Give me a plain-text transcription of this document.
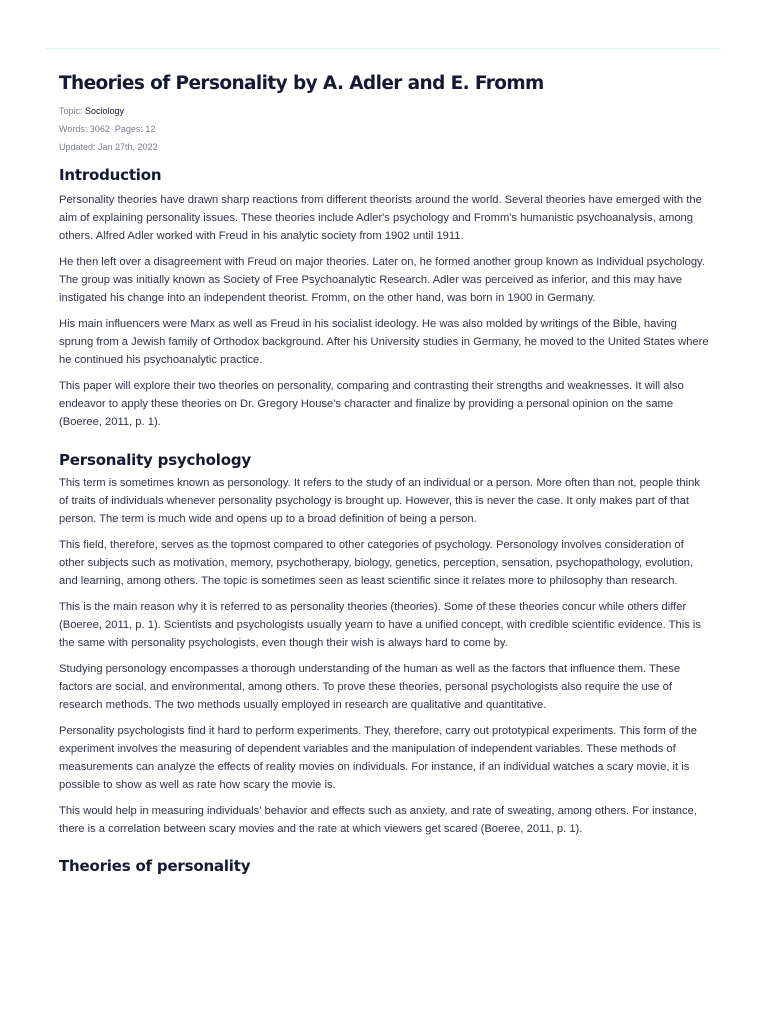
Theories of Personality by A. Adler and E. Fromm
Topic: Sociology
Words: 3062 Pages: 12
Updated: Jan 27th, 2022
Introduction

Personality theories have drawn sharp reactions from different theorists around the world. Several theories have emerged with the aim of explaining personality issues. These theories include Adler's psychology and Fromm's humanistic psychoanalysis, among others. Alfred Adler worked with Freud in his analytic society from 1902 until 1911.

He then left over a disagreement with Freud on major theories. Later on, he formed another group known as Individual psychology. The group was initially known as Society of Free Psychoanalytic Research. Adler was perceived as inferior, and this may have instigated his change into an independent theorist. Fromm, on the other hand, was born in 1900 in Germany.

His main influencers were Marx as well as Freud in his socialist ideology. He was also molded by writings of the Bible, having sprung from a Jewish family of Orthodox background. After his University studies in Germany, he moved to the United States where he continued his psychoanalytic practice.

This paper will explore their two theories on personality, comparing and contrasting their strengths and weaknesses. It will also endeavor to apply these theories on Dr. Gregory House's character and finalize by providing a personal opinion on the same (Boeree, 2011, p. 1).

Personality psychology

This term is sometimes known as personology. It refers to the study of an individual or a person. More often than not, people think of traits of individuals whenever personality psychology is brought up. However, this is never the case. It only makes part of that person. The term is much wide and opens up to a broad definition of being a person.

This field, therefore, serves as the topmost compared to other categories of psychology. Personology involves consideration of other subjects such as motivation, memory, psychotherapy, biology, genetics, perception, sensation, psychopathology, evolution, and learning, among others. The topic is sometimes seen as least scientific since it relates more to philosophy than research.

This is the main reason why it is referred to as personality theories (theories). Some of these theories concur while others differ (Boeree, 2011, p. 1). Scientists and psychologists usually yearn to have a unified concept, with credible scientific evidence. This is the same with personality psychologists, even though their wish is always hard to come by.

Studying personology encompasses a thorough understanding of the human as well as the factors that influence them. These factors are social, and environmental, among others. To prove these theories, personal psychologists also require the use of research methods. The two methods usually employed in research are qualitative and quantitative.

Personality psychologists find it hard to perform experiments. They, therefore, carry out prototypical experiments. This form of the experiment involves the measuring of dependent variables and the manipulation of independent variables. These methods of measurements can analyze the effects of reality movies on individuals. For instance, if an individual watches a scary movie, it is possible to show as well as rate how scary the movie is.

This would help in measuring individuals' behavior and effects such as anxiety, and rate of sweating, among others. For instance, there is a correlation between scary movies and the rate at which viewers get scared (Boeree, 2011, p. 1).

Theories of personality
